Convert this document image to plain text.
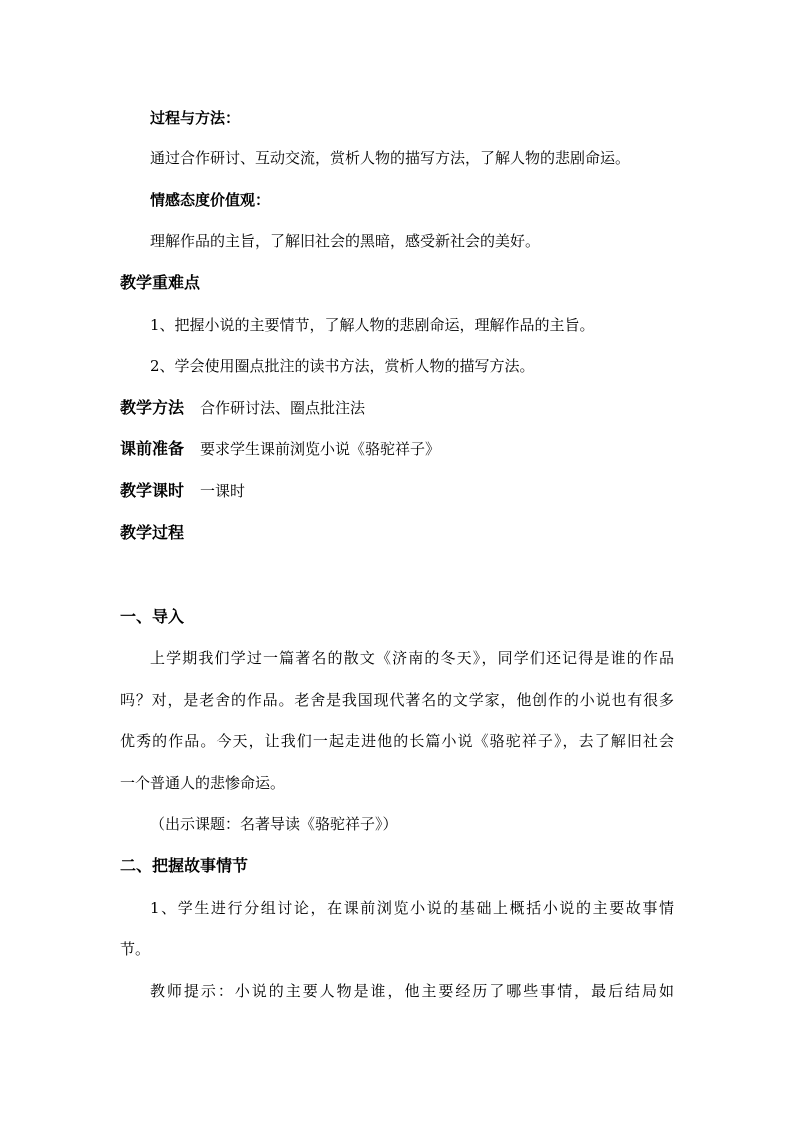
过程与方法：
通过合作研讨、互动交流，赏析人物的描写方法，了解人物的悲剧命运。
情感态度价值观：
理解作品的主旨，了解旧社会的黑暗，感受新社会的美好。
教学重难点
1、把握小说的主要情节，了解人物的悲剧命运，理解作品的主旨。
2、学会使用圈点批注的读书方法，赏析人物的描写方法。
教学方法 合作研讨法、圈点批注法
课前准备 要求学生课前浏览小说《骆驼祥子》
教学课时 一课时
教学过程
一、导入
上学期我们学过一篇著名的散文《济南的冬天》，同学们还记得是谁的作品
吗？对，是老舍的作品。老舍是我国现代著名的文学家，他创作的小说也有很多
优秀的作品。今天，让我们一起走进他的长篇小说《骆驼祥子》，去了解旧社会
一个普通人的悲惨命运。
（出示课题：名著导读《骆驼祥子》）
二、把握故事情节
1、学生进行分组讨论，在课前浏览小说的基础上概括小说的主要故事情
节。
教师提示：小说的主要人物是谁，他主要经历了哪些事情，最后结局如
